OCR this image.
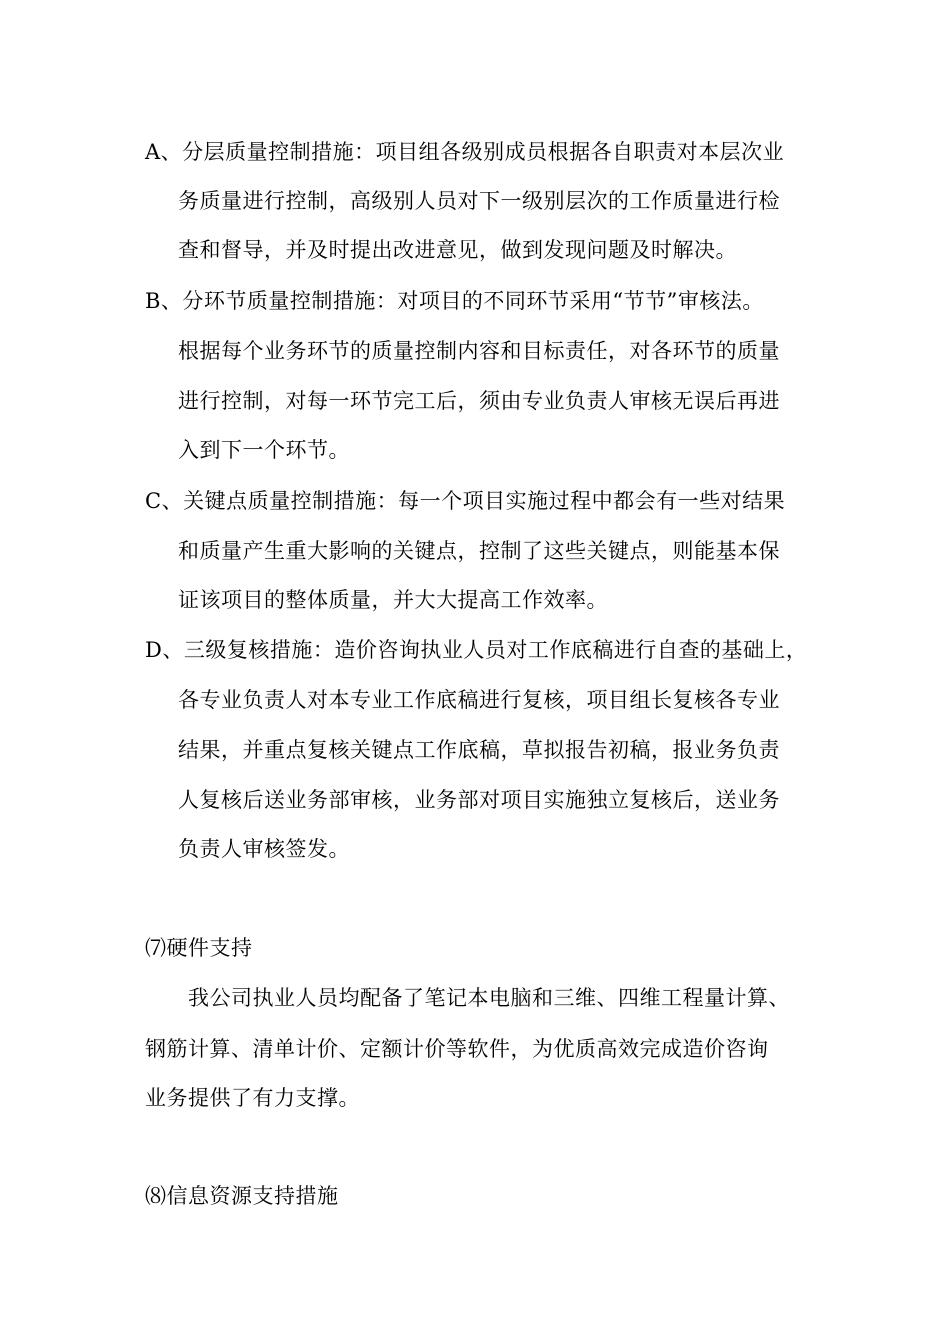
A、分层质量控制措施：项目组各级别成员根据各自职责对本层次业
务质量进行控制，高级别人员对下一级别层次的工作质量进行检
查和督导，并及时提出改进意见，做到发现问题及时解决。
B、分环节质量控制措施：对项目的不同环节采用“节节”审核法。
根据每个业务环节的质量控制内容和目标责任，对各环节的质量
进行控制，对每一环节完工后，须由专业负责人审核无误后再进
入到下一个环节。
C、关键点质量控制措施：每一个项目实施过程中都会有一些对结果
和质量产生重大影响的关键点，控制了这些关键点，则能基本保
证该项目的整体质量，并大大提高工作效率。
D、三级复核措施：造价咨询执业人员对工作底稿进行自查的基础上，
各专业负责人对本专业工作底稿进行复核，项目组长复核各专业
结果，并重点复核关键点工作底稿，草拟报告初稿，报业务负责
人复核后送业务部审核，业务部对项目实施独立复核后，送业务
负责人审核签发。
⑺硬件支持
我公司执业人员均配备了笔记本电脑和三维、四维工程量计算、
钢筋计算、清单计价、定额计价等软件，为优质高效完成造价咨询
业务提供了有力支撑。
⑻信息资源支持措施
